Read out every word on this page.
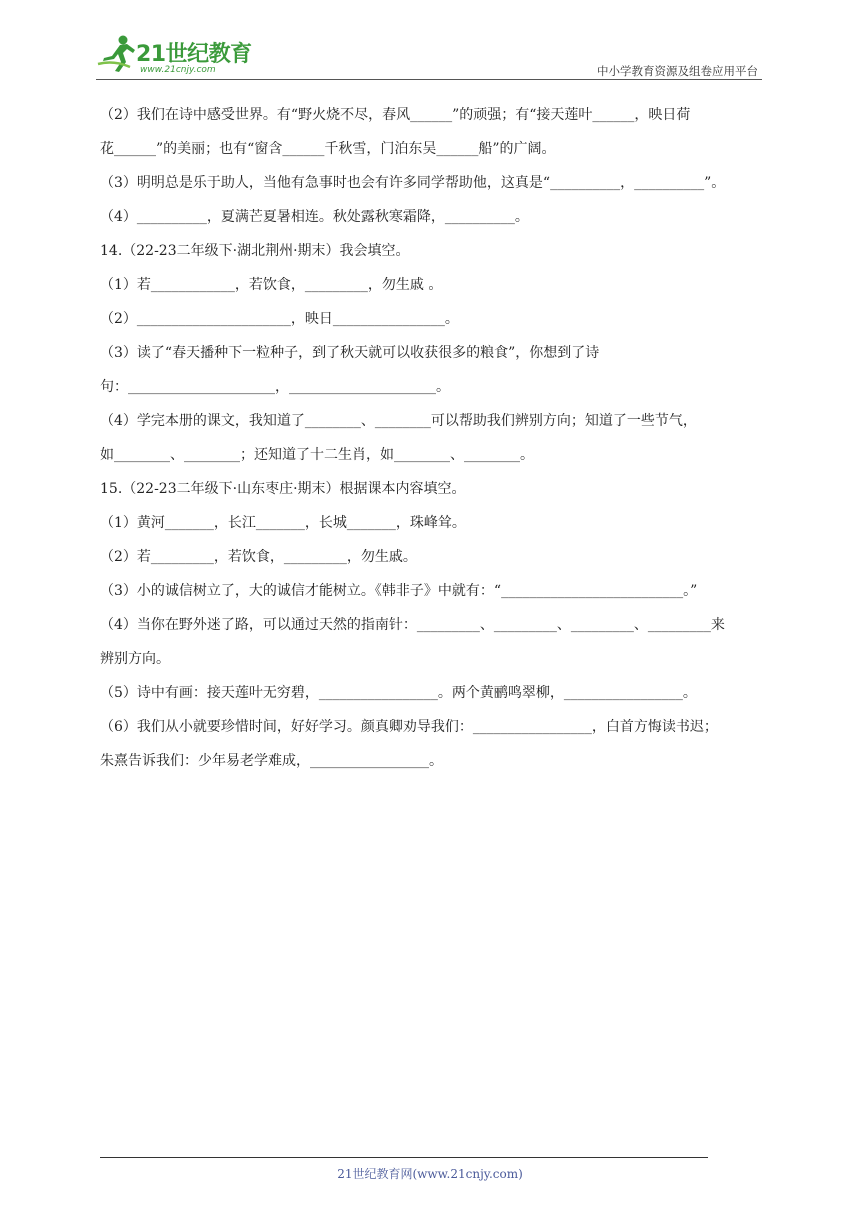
21世纪教育
www.21cnjy.com	中小学教育资源及组卷应用平台

（2）我们在诗中感受世界。有“野火烧不尽，春风______”的顽强；有“接天莲叶______，映日荷

花______”的美丽；也有“窗含______千秋雪，门泊东吴______船”的广阔。

（3）明明总是乐于助人，当他有急事时也会有许多同学帮助他，这真是“__________，__________”。

（4）__________，夏满芒夏暑相连。秋处露秋寒霜降，__________。

14.（22-23二年级下·湖北荆州·期末）我会填空。

（1）若____________，若饮食，_________，勿生戚 。

（2）______________________，映日________________。

（3）读了“春天播种下一粒种子，到了秋天就可以收获很多的粮食”，你想到了诗

句：_____________________，_____________________。

（4）学完本册的课文，我知道了________、________可以帮助我们辨别方向；知道了一些节气，

如________、________；还知道了十二生肖，如________、________。

15.（22-23二年级下·山东枣庄·期末）根据课本内容填空。

（1）黄河_______，长江_______，长城_______，珠峰耸。

（2）若_________，若饮食，_________，勿生戚。

（3）小的诚信树立了，大的诚信才能树立。《韩非子》中就有：“__________________________。”

（4）当你在野外迷了路，可以通过天然的指南针：_________、_________、_________、_________来

辨别方向。

（5）诗中有画：接天莲叶无穷碧，_________________。两个黄鹂鸣翠柳，_________________。

（6）我们从小就要珍惜时间，好好学习。颜真卿劝导我们：_________________，白首方悔读书迟；

朱熹告诉我们：少年易老学难成，_________________。

21世纪教育网(www.21cnjy.com)
